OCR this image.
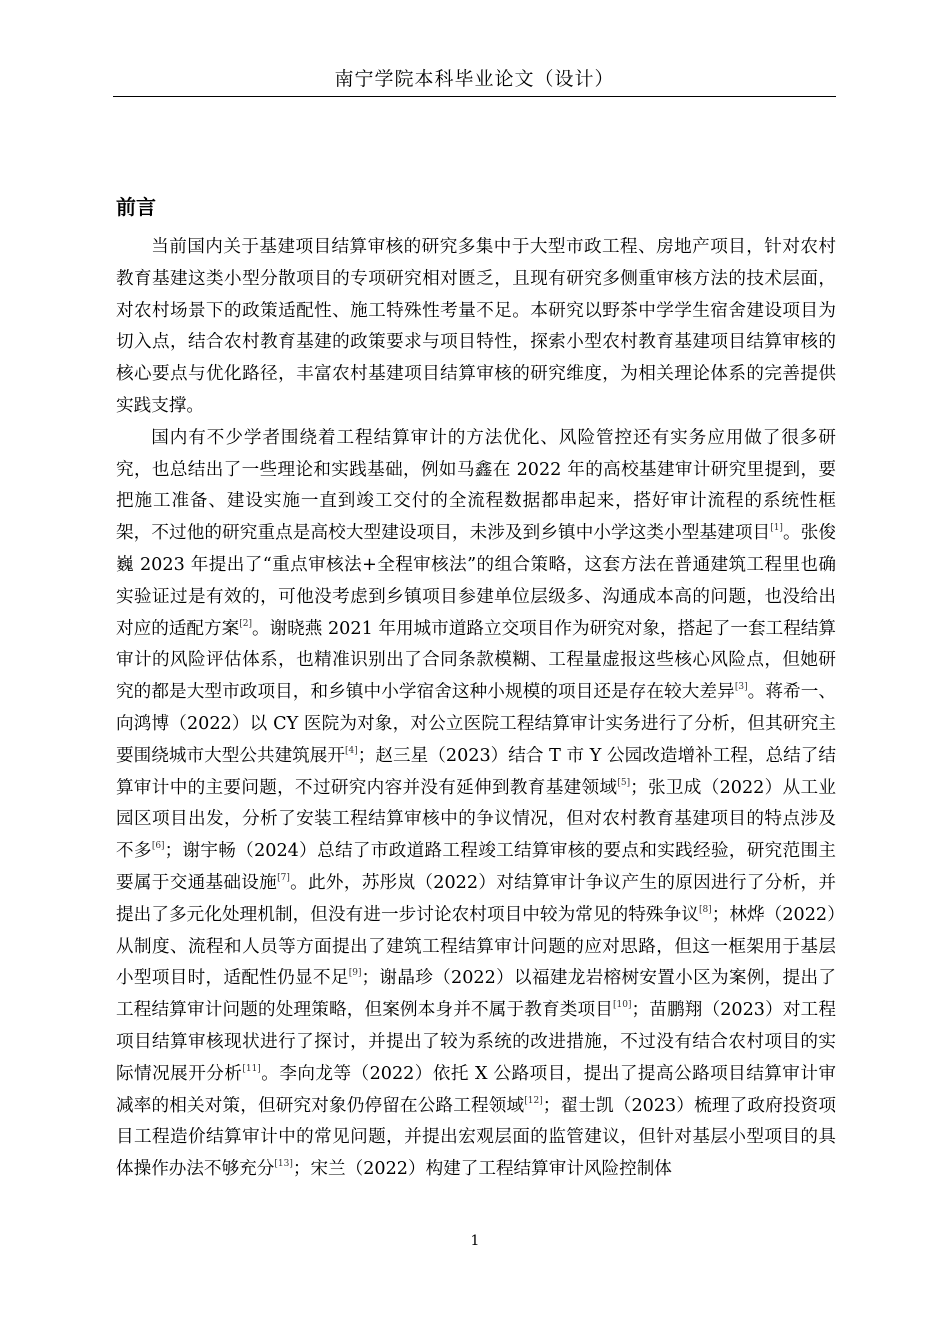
南宁学院本科毕业论文（设计）
前言

当前国内关于基建项目结算审核的研究多集中于大型市政工程、房地产项目，针对农村教育基建这类小型分散项目的专项研究相对匮乏，且现有研究多侧重审核方法的技术层面，对农村场景下的政策适配性、施工特殊性考量不足。本研究以野茶中学学生宿舍建设项目为切入点，结合农村教育基建的政策要求与项目特性，探索小型农村教育基建项目结算审核的核心要点与优化路径，丰富农村基建项目结算审核的研究维度，为相关理论体系的完善提供实践支撑。

国内有不少学者围绕着工程结算审计的方法优化、风险管控还有实务应用做了很多研究，也总结出了一些理论和实践基础，例如马鑫在 2022 年的高校基建审计研究里提到，要把施工准备、建设实施一直到竣工交付的全流程数据都串起来，搭好审计流程的系统性框架，不过他的研究重点是高校大型建设项目，未涉及到乡镇中小学这类小型基建项目[1]。张俊巍 2023 年提出了“重点审核法+全程审核法”的组合策略，这套方法在普通建筑工程里也确实验证过是有效的，可他没考虑到乡镇项目参建单位层级多、沟通成本高的问题，也没给出对应的适配方案[2]。谢晓燕 2021 年用城市道路立交项目作为研究对象，搭起了一套工程结算审计的风险评估体系，也精准识别出了合同条款模糊、工程量虚报这些核心风险点，但她研究的都是大型市政项目，和乡镇中小学宿舍这种小规模的项目还是存在较大差异[3]。蒋希一、向鸿博（2022）以 CY 医院为对象，对公立医院工程结算审计实务进行了分析，但其研究主要围绕城市大型公共建筑展开[4]；赵三星（2023）结合 T 市 Y 公园改造增补工程，总结了结算审计中的主要问题，不过研究内容并没有延伸到教育基建领域[5]；张卫成（2022）从工业园区项目出发，分析了安装工程结算审核中的争议情况，但对农村教育基建项目的特点涉及不多[6]；谢宇畅（2024）总结了市政道路工程竣工结算审核的要点和实践经验，研究范围主要属于交通基础设施[7]。此外，苏彤岚（2022）对结算审计争议产生的原因进行了分析，并提出了多元化处理机制，但没有进一步讨论农村项目中较为常见的特殊争议[8]；林烨（2022）从制度、流程和人员等方面提出了建筑工程结算审计问题的应对思路，但这一框架用于基层小型项目时，适配性仍显不足[9]；谢晶珍（2022）以福建龙岩榕树安置小区为案例，提出了工程结算审计问题的处理策略，但案例本身并不属于教育类项目[10]；苗鹏翔（2023）对工程项目结算审核现状进行了探讨，并提出了较为系统的改进措施，不过没有结合农村项目的实际情况展开分析[11]。李向龙等（2022）依托 X 公路项目，提出了提高公路项目结算审计审减率的相关对策，但研究对象仍停留在公路工程领域[12]；翟士凯（2023）梳理了政府投资项目工程造价结算审计中的常见问题，并提出宏观层面的监管建议，但针对基层小型项目的具体操作办法不够充分[13]；宋兰（2022）构建了工程结算审计风险控制体

1
